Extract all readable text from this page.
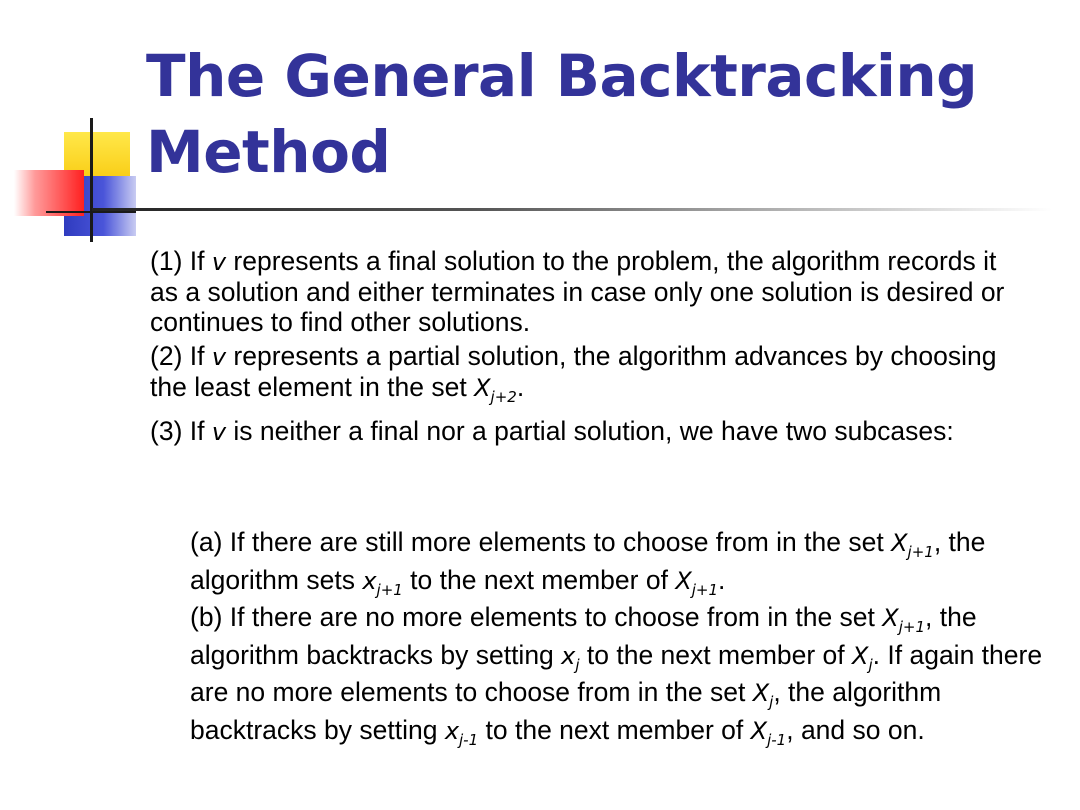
The General Backtracking
Method

(1) If v represents a final solution to the problem, the algorithm records it as a solution and either terminates in case only one solution is desired or continues to find other solutions.

(2) If v represents a partial solution, the algorithm advances by choosing the least element in the set $X_{j+2}$.

(3) If v is neither a final nor a partial solution, we have two subcases:

(a) If there are still more elements to choose from in the set $X_{j+1}$, the algorithm sets $x_{j+1}$ to the next member of $X_{j+1}$.

(b) If there are no more elements to choose from in the set $X_{j+1}$, the algorithm backtracks by setting $x_j$ to the next member of $X_j$. If again there are no more elements to choose from in the set $X_j$, the algorithm backtracks by setting $x_{j-1}$ to the next member of $X_{j-1}$, and so on.
